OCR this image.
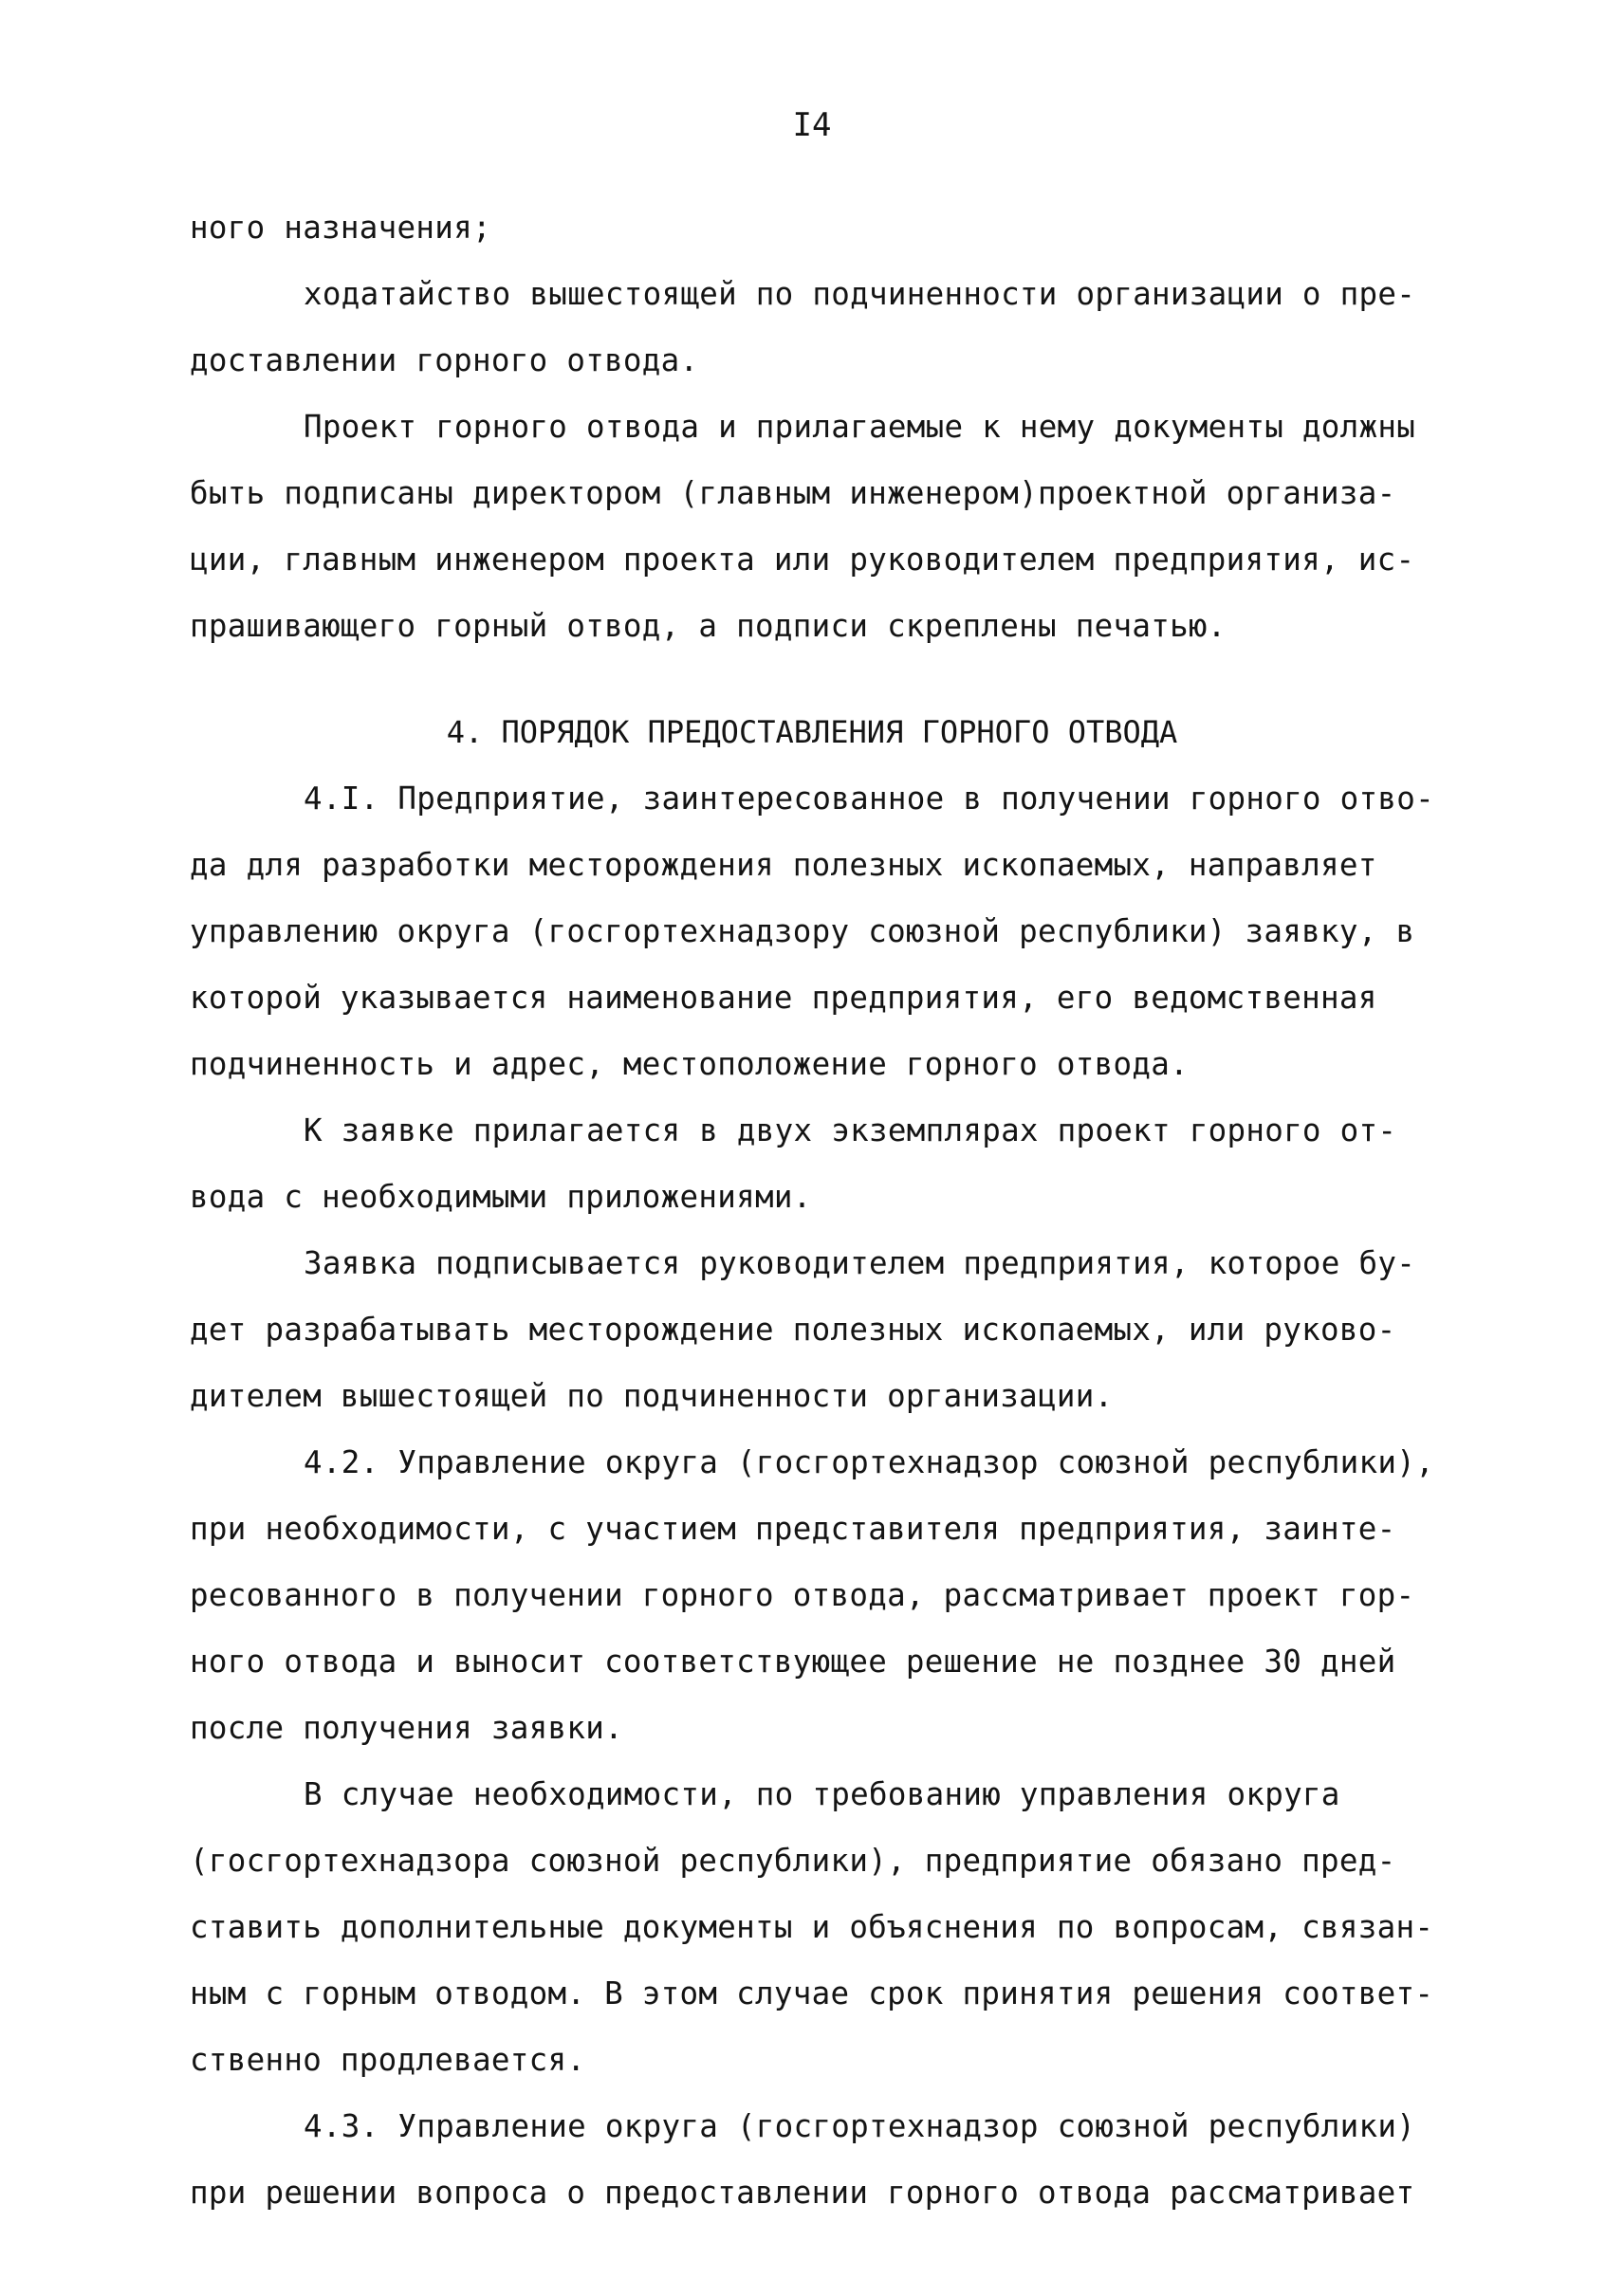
I4
ного назначения;
ходатайство вышестоящей по подчиненности организации о пре-
доставлении горного отвода.
Проект горного отвода и прилагаемые к нему документы должны
быть подписаны директором (главным инженером)проектной организа-
ции, главным инженером проекта или руководителем предприятия, ис-
прашивающего горный отвод, а подписи скреплены печатью.
4. ПОРЯДОК ПРЕДОСТАВЛЕНИЯ ГОРНОГО ОТВОДА
4.I. Предприятие, заинтересованное в получении горного отво-
да для разработки месторождения полезных ископаемых, направляет
управлению округа (госгортехнадзору союзной республики) заявку, в
которой указывается наименование предприятия, его ведомственная
подчиненность и адрес, местоположение горного отвода.
К заявке прилагается в двух экземплярах проект горного от-
вода с необходимыми приложениями.
Заявка подписывается руководителем предприятия, которое бу-
дет разрабатывать месторождение полезных ископаемых, или руково-
дителем вышестоящей по подчиненности организации.
4.2. Управление округа (госгортехнадзор союзной республики),
при необходимости, с участием представителя предприятия, заинте-
ресованного в получении горного отвода, рассматривает проект гор-
ного отвода и выносит соответствующее решение не позднее 30 дней
после получения заявки.
В случае необходимости, по требованию управления округа
(госгортехнадзора союзной республики), предприятие обязано пред-
ставить дополнительные документы и объяснения по вопросам, связан-
ным с горным отводом. В этом случае срок принятия решения соответ-
ственно продлевается.
4.3. Управление округа (госгортехнадзор союзной республики)
при решении вопроса о предоставлении горного отвода рассматривает
